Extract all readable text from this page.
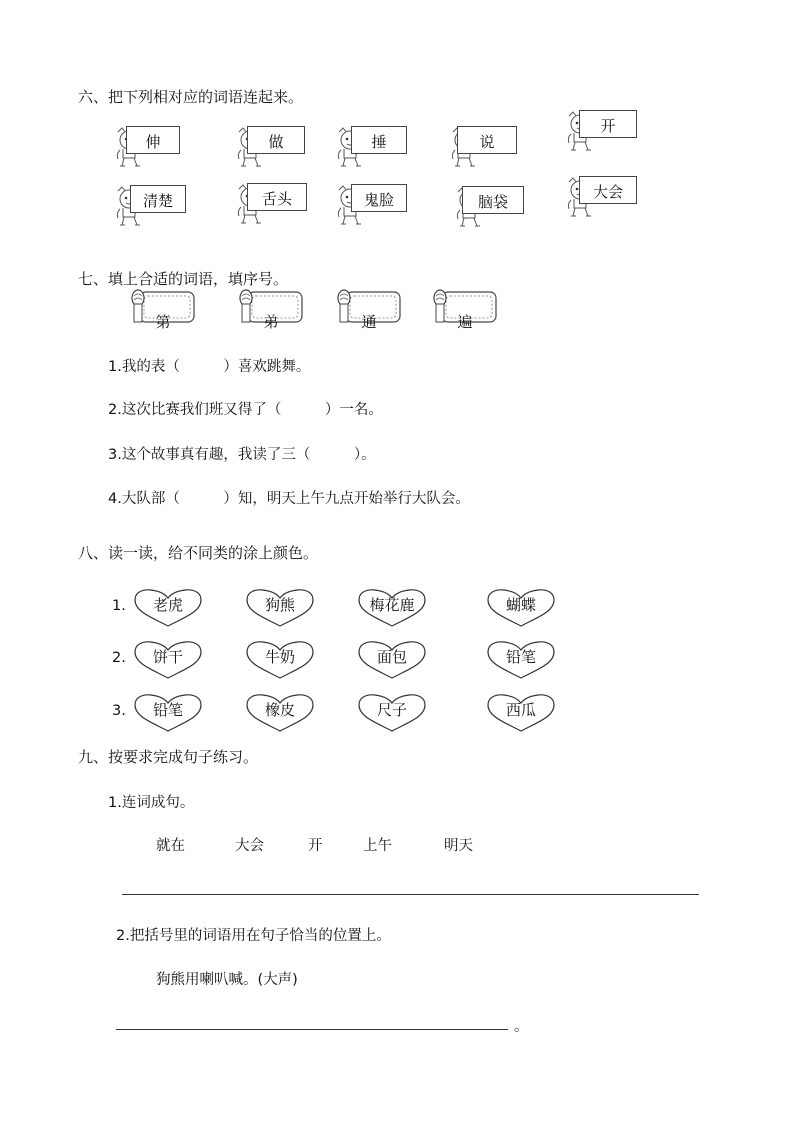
六、把下列相对应的词语连起来。
伸	做	捶	说
开
清楚	舌头	鬼脸	脑袋
大会
七、填上合适的词语，填序号。
第	弟	通	遍
1.我的表（　　　）喜欢跳舞。
2.这次比赛我们班又得了（　　　）一名。
3.这个故事真有趣，我读了三（　　　）。
4.大队部（　　　）知，明天上午九点开始举行大队会。
八、读一读，给不同类的涂上颜色。
1.	老虎	狗熊	梅花鹿	蝴蝶
2.	饼干	牛奶	面包	铅笔
3.	铅笔	橡皮	尺子	西瓜
九、按要求完成句子练习。
1.连词成句。
就在	大会	开	上午	明天
2.把括号里的词语用在句子恰当的位置上。
狗熊用喇叭喊。(大声)
。
